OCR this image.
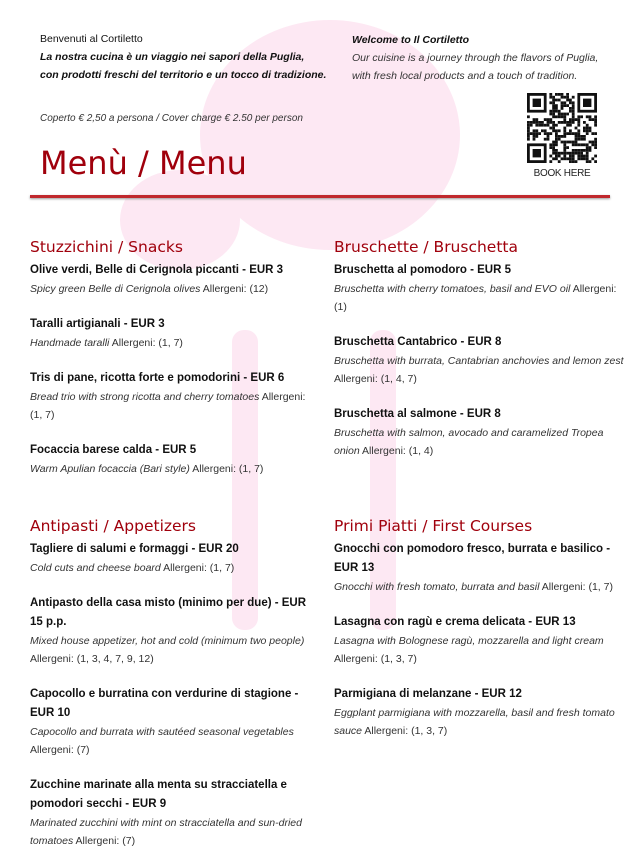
Benvenuti al Cortiletto
La nostra cucina è un viaggio nei sapori della Puglia,
con prodotti freschi del territorio e un tocco di tradizione.
Welcome to Il Cortiletto
Our cuisine is a journey through the flavors of Puglia,
with fresh local products and a touch of tradition.
Coperto € 2,50 a persona / Cover charge € 2.50 per person
Menù / Menu	BOOK HERE
Stuzzichini / Snacks
Olive verdi, Belle di Cerignola piccanti - EUR 3
Spicy green Belle di Cerignola olives Allergeni: (12)
Taralli artigianali - EUR 3
Handmade taralli Allergeni: (1, 7)
Tris di pane, ricotta forte e pomodorini - EUR 6
Bread trio with strong ricotta and cherry tomatoes Allergeni: (1, 7)
Focaccia barese calda - EUR 5
Warm Apulian focaccia (Bari style) Allergeni: (1, 7)
Bruschette / Bruschetta
Bruschetta al pomodoro - EUR 5
Bruschetta with cherry tomatoes, basil and EVO oil Allergeni: (1)
Bruschetta Cantabrico - EUR 8
Bruschetta with burrata, Cantabrian anchovies and lemon zest Allergeni: (1, 4, 7)
Bruschetta al salmone - EUR 8
Bruschetta with salmon, avocado and caramelized Tropea onion Allergeni: (1, 4)
Antipasti / Appetizers
Tagliere di salumi e formaggi - EUR 20
Cold cuts and cheese board Allergeni: (1, 7)
Antipasto della casa misto (minimo per due) - EUR 15 p.p.
Mixed house appetizer, hot and cold (minimum two people) Allergeni: (1, 3, 4, 7, 9, 12)
Capocollo e burratina con verdurine di stagione - EUR 10
Capocollo and burrata with sautéed seasonal vegetables Allergeni: (7)
Zucchine marinate alla menta su stracciatella e pomodori secchi - EUR 9
Marinated zucchini with mint on stracciatella and sun-dried tomatoes Allergeni: (7)
Primi Piatti / First Courses
Gnocchi con pomodoro fresco, burrata e basilico - EUR 13
Gnocchi with fresh tomato, burrata and basil Allergeni: (1, 7)
Lasagna con ragù e crema delicata - EUR 13
Lasagna with Bolognese ragù, mozzarella and light cream Allergeni: (1, 3, 7)
Parmigiana di melanzane - EUR 12
Eggplant parmigiana with mozzarella, basil and fresh tomato sauce Allergeni: (1, 3, 7)
